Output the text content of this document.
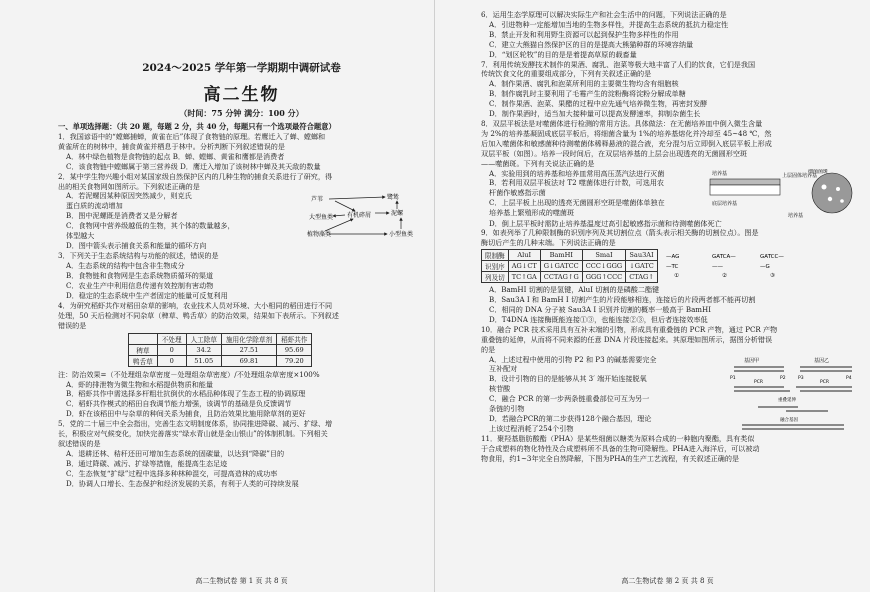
2024～2025 学年第一学期期中调研试卷
高二生物
（时间：75 分钟 满分：100 分）
一、单项选择题：（共 20 题，每题 2 分，共 40 分，每题只有一个选项最符合题意）
1．我国谚语中的“螳螂捕蝉，黄雀在后”体现了食物链的原理。若鹰迁入了蝉、螳螂和
黄雀所在的树林中，捕食黄雀并栖息于林中。分析判断下列叙述错误的是
A．林中绿色植物是食物链的起点 B．蝉、螳螂、黄雀和鹰都是消费者
C．该食物链中螳螂属于第三营养级 D．鹰迁入增加了该树林中蝉及其天敌的数量
2．某中学生物兴趣小组对某国家级自然保护区内的几种生物的捕食关系进行了研究，得
出的相关食物网如图所示。下列叙述正确的是
A．若泥螺因某种原因突然减少，则克氏
蛋白质的流动增加
B．图中泥螺既是消费者又是分解者
C．食物网中营养级越低的生物，其个体的数量越多，
体型越大
芦苇	鹭鸶
泥螺
有机碎屑
大型鱼类
植物藻类	小型鱼类
D．图中箭头表示捕食关系和能量的循环方向
3．下列关于生态系统结构与功能的叙述，错误的是
A．生态系统的结构中包含非生物成分
B．食物链和食物网是生态系统物质循环的渠道
C．农业生产中利用信息传递有效控制有害动物
D．稳定的生态系统中生产者固定的能量可反复利用
4．为研究稻虾共作对稻田杂草的影响，农业技术人员对环境、大小相同的稻田进行不同
处理，50 天后检测对不同杂草（稗草、鸭舌草）的防治效果，结果如下表所示。下列叙述
错误的是
	不处理	人工除草	施用化学除草剂	稻虾共作
稗草	0	34.2	27.51	95.69
鸭舌草	0	51.05	69.81	79.20
注：防治效果=（不处理组杂草密度－处理组杂草密度）/不处理组杂草密度×100%
A．虾的排泄物为微生物和水稻提供物质和能量
B．稻虾共作中需选择多杆粗壮抗倒伏的水稻品种体现了生态工程的协调原理
C．稻虾共作模式的稻田自我调节能力增强，该调节的基础是负反馈调节
D．虾在该稻田中与杂草的种间关系为捕食，且防治效果比施用除草剂的更好
5．党的二十届三中全会指出，完善生态文明制度体系，协同推进降碳、减污、扩绿、增
长，积极应对气候变化，加快完善落实“绿水青山就是金山银山”的体制机制。下列相关
叙述错误的是
A．退耕还林、秸秆还田可增加生态系统的固碳量，以达到“降碳”目的
B．通过降碳、减污、扩绿等措施，能提高生态足迹
C．生态恢复“扩绿”过程中选择多种林种混交，可提高造林的成功率
D．协调人口增长、生态保护和经济发展的关系，有利于人类的可持续发展
高二生物试卷 第 1 页 共 8 页
6．运用生态学原理可以解决实际生产和社会生活中的问题，下列说法正确的是
A．引进物种一定能增加当地的生物多样性，并提高生态系统的抵抗力稳定性
B．禁止开发和利用野生资源可以起到保护生物多样性的作用
C．建立大熊猫自然保护区的目的是提高大熊猫种群的环境容纳量
D．“划区轮牧”的目的是是着提高草原的载畜量
7．利用传统发酵技术制作的果酒、腐乳、泡菜等极大地丰富了人们的饮食，它们是我国
传统饮食文化的重要组成部分，下列有关叙述正确的是
A．制作果酒、腐乳和泡菜所利用的主要微生物均含有细胞核
B．制作腐乳时主要利用了毛霉产生的淀粉酶将淀粉分解成单糖
C．制作果酒、泡菜、果醋的过程中应先通气培养微生物，再密封发酵
D．制作果酒时，适当加大接种量可以提高发酵速率，抑制杂菌生长
8．双层平板法是对噬菌体进行检测的常用方法。具体做法：在无菌培养皿中倒入微生含量
为 2%的培养基凝固成底层平板后，将细菌含量为 1%的培养基熔化并冷却至 45~48 ℃，然
后加入噬菌体和敏感菌种待测噬菌体稀释悬液的混合液，充分混匀后立即倒入底层平板上形成
双层平板（如图）。培养一段时间后，在双层培养基的上层会出现透亮的无菌圆形空斑
——噬菌斑。下列有关说法正确的是
A．实验用到的培养基和培养皿常用高压蒸汽法进行灭菌
B．若利用双层平板法对 T2 噬菌体进行计数，可选用农
杆菌作敏感指示菌
C．上层平板上出现的透亮无菌圆形空斑是噬菌体单独在
培养基上繁殖形成的噬菌斑
上层固体培养基
底层培养基
培养基	细菌菌斑
培养基
D．倒上层平板时需防止培养基温度过高引起敏感指示菌和待测噬菌体死亡
9．如表列举了几种限制酶的识别序列及其切割位点（箭头表示相关酶的切割位点）。图是
酶切后产生的几种末端。下列说法正确的是
限制酶	AluI	BamHI	SmaI	Sau3AI
识别序	AG↓CT	G↓GATCC	CCC↓GGG	↓GATC
列及切	TC↑GA	CCTAG↑G	GGG↑CCC	CTAG↑
—AG
—TC
GATCA—
——
GATCC—
—G
①	②	③
A．BamHI 切割的是氢键，AluI 切割的是磷酸二酯键
B．Sau3A I 和 BamH I 切割产生的片段能够相连，连接后的片段两者都不能再切割
C．相同的 DNA 分子被 Sau3A I 识别并切割的概率一般高于 BamHI
D．T4DNA 连接酶既能连接①③，也能连接②③，但后者连接效率低
10．融合 PCR 技术采用具有互补末端的引物，形成具有重叠链的 PCR 产物，通过 PCR 产物
重叠链的延伸，从而将不同来源的任意 DNA 片段连接起来。其原理如图所示，据图分析错误
的是
A．上述过程中使用的引物 P2 和 P3 的碱基需要完全
互补配对
B．设计引物的目的是能够从其 3′ 端开始连接脱氧
核苷酸
C．融合 PCR 的第一步两条链重叠部位可互为另一
条链的引物
D．若融合PCR的第二步获得128个融合基因，理论
上该过程消耗了254个引物
基因甲	基因乙
P1	P2	P3	P4
PCR	PCR
重叠延伸
融合基因
11．聚羟基脂肪酸酯（PHA）是某些细菌以糖类为原料合成的一种胞内聚酯，具有类似
于合成塑料的物化特性及合成塑料所不具备的生物可降解性。PHA进入海洋后，可以被动
物食用，约1~3年完全自然降解，下图为PHA的生产工艺流程，有关叙述正确的是
高二生物试卷 第 2 页 共 8 页
